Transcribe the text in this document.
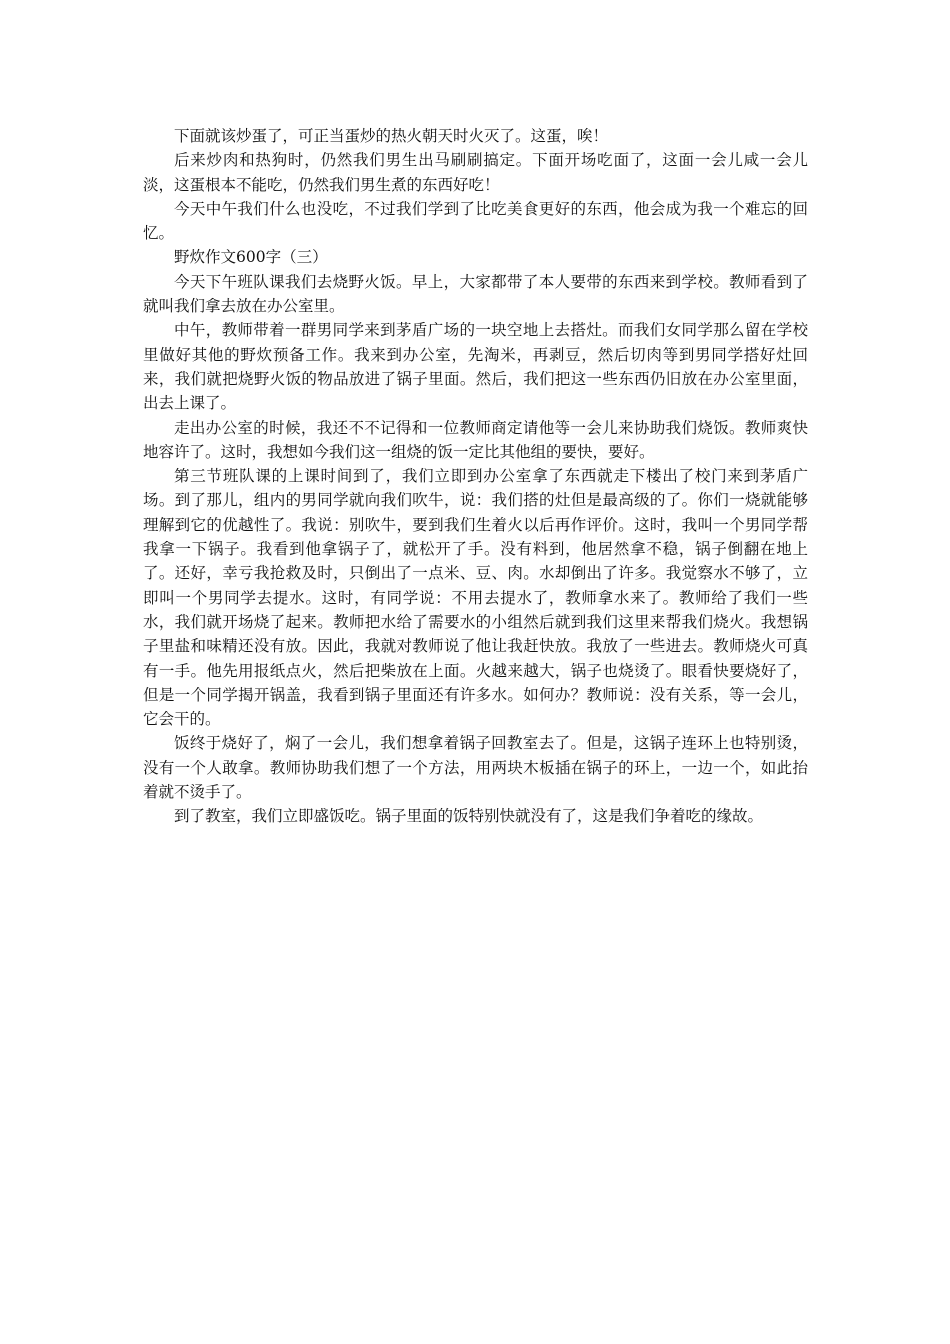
下面就该炒蛋了，可正当蛋炒的热火朝天时火灭了。这蛋，唉！

后来炒肉和热狗时，仍然我们男生出马刷刷搞定。下面开场吃面了，这面一会儿咸一会儿淡，这蛋根本不能吃，仍然我们男生煮的东西好吃！

今天中午我们什么也没吃，不过我们学到了比吃美食更好的东西，他会成为我一个难忘的回忆。

野炊作文600字（三）

今天下午班队课我们去烧野火饭。早上，大家都带了本人要带的东西来到学校。教师看到了就叫我们拿去放在办公室里。

中午，教师带着一群男同学来到茅盾广场的一块空地上去搭灶。而我们女同学那么留在学校里做好其他的野炊预备工作。我来到办公室，先淘米，再剥豆，然后切肉等到男同学搭好灶回来，我们就把烧野火饭的物品放进了锅子里面。然后，我们把这一些东西仍旧放在办公室里面，出去上课了。

走出办公室的时候，我还不不记得和一位教师商定请他等一会儿来协助我们烧饭。教师爽快地容许了。这时，我想如今我们这一组烧的饭一定比其他组的要快，要好。

第三节班队课的上课时间到了，我们立即到办公室拿了东西就走下楼出了校门来到茅盾广场。到了那儿，组内的男同学就向我们吹牛，说：我们搭的灶但是最高级的了。你们一烧就能够理解到它的优越性了。我说：别吹牛，要到我们生着火以后再作评价。这时，我叫一个男同学帮我拿一下锅子。我看到他拿锅子了，就松开了手。没有料到，他居然拿不稳，锅子倒翻在地上了。还好，幸亏我抢救及时，只倒出了一点米、豆、肉。水却倒出了许多。我觉察水不够了，立即叫一个男同学去提水。这时，有同学说：不用去提水了，教师拿水来了。教师给了我们一些水，我们就开场烧了起来。教师把水给了需要水的小组然后就到我们这里来帮我们烧火。我想锅子里盐和味精还没有放。因此，我就对教师说了他让我赶快放。我放了一些进去。教师烧火可真有一手。他先用报纸点火，然后把柴放在上面。火越来越大，锅子也烧烫了。眼看快要烧好了，但是一个同学揭开锅盖，我看到锅子里面还有许多水。如何办？教师说：没有关系，等一会儿，它会干的。

饭终于烧好了，焖了一会儿，我们想拿着锅子回教室去了。但是，这锅子连环上也特别烫，没有一个人敢拿。教师协助我们想了一个方法，用两块木板插在锅子的环上，一边一个，如此抬着就不烫手了。

到了教室，我们立即盛饭吃。锅子里面的饭特别快就没有了，这是我们争着吃的缘故。
